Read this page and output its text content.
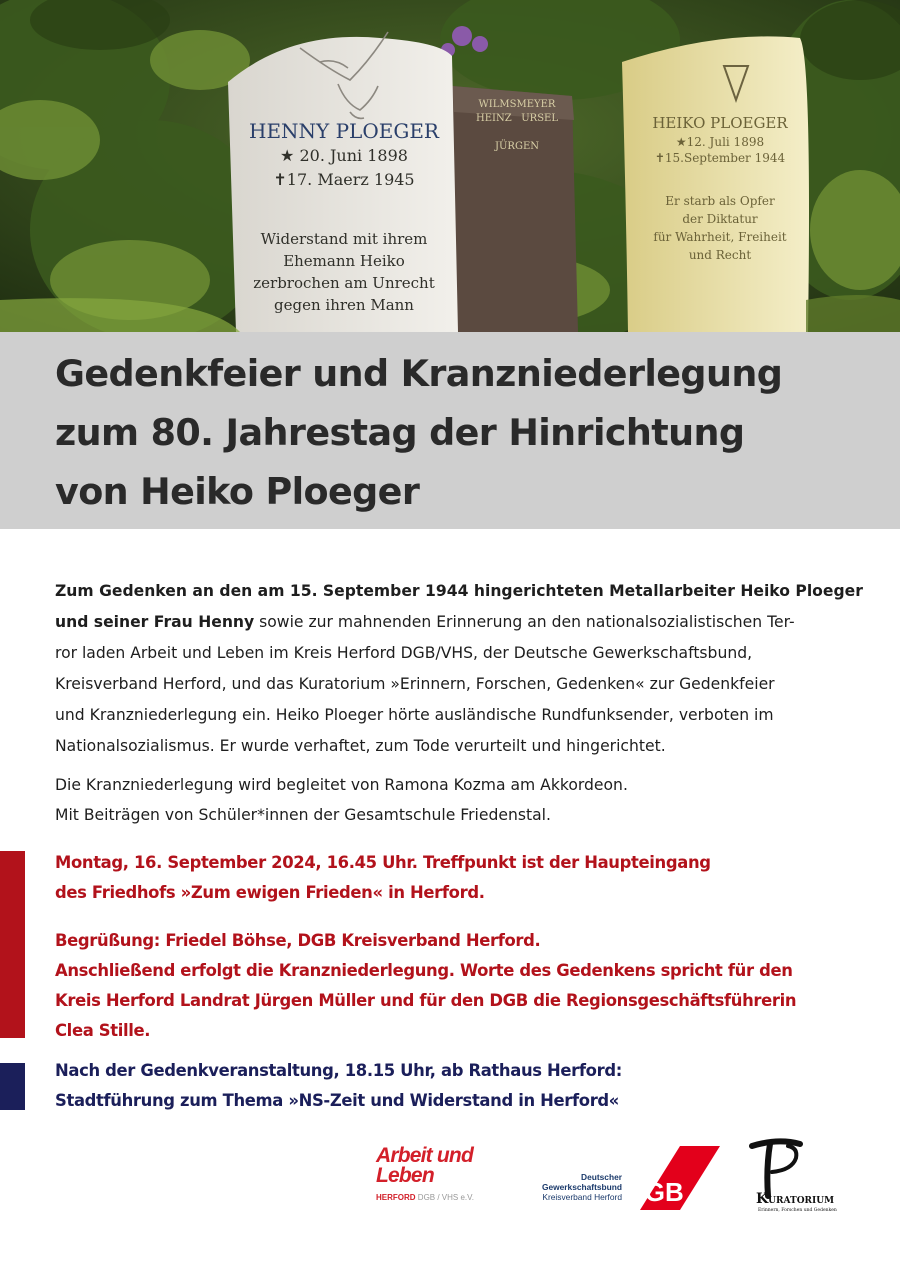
HENNY PLOEGER
★ 20. Juni 1898
✝17. Maerz 1945
Widerstand mit ihrem
Ehemann Heiko
zerbrochen am Unrecht
gegen ihren Mann
WILMSMEYER
HEINZ URSEL
JÜRGEN
HEIKO PLOEGER
★12. Juli 1898
✝15.September 1944
Er starb als Opfer
der Diktatur
für Wahrheit, Freiheit
und Recht
Gedenkfeier und Kranzniederlegung
zum 80. Jahrestag der Hinrichtung
von Heiko Ploeger

Zum Gedenken an den am 15. September 1944 hingerichteten Metallarbeiter Heiko Ploeger
und seiner Frau Henny sowie zur mahnenden Erinnerung an den nationalsozialistischen Ter-
ror laden Arbeit und Leben im Kreis Herford DGB/VHS, der Deutsche Gewerkschaftsbund,
Kreisverband Herford, und das Kuratorium »Erinnern, Forschen, Gedenken« zur Gedenkfeier
und Kranzniederlegung ein. Heiko Ploeger hörte ausländische Rundfunksender, verboten im
Nationalsozialismus. Er wurde verhaftet, zum Tode verurteilt und hingerichtet.

Die Kranzniederlegung wird begleitet von Ramona Kozma am Akkordeon.
Mit Beiträgen von Schüler*innen der Gesamtschule Friedenstal.

Montag, 16. September 2024, 16.45 Uhr. Treffpunkt ist der Haupteingang
des Friedhofs »Zum ewigen Frieden« in Herford.

Begrüßung: Friedel Böhse, DGB Kreisverband Herford.
Anschließend erfolgt die Kranzniederlegung. Worte des Gedenkens spricht für den
Kreis Herford Landrat Jürgen Müller und für den DGB die Regionsgeschäftsführerin
Clea Stille.

Nach der Gedenkveranstaltung, 18.15 Uhr, ab Rathaus Herford:
Stadtführung zum Thema »NS-Zeit und Widerstand in Herford«

Arbeit und
Leben
HERFORD DGB / VHS e.V.
Deutscher
Gewerkschaftsbund
Kreisverband Herford DGB	KURATORIUM
Erinnern, Forschen und Gedenken
